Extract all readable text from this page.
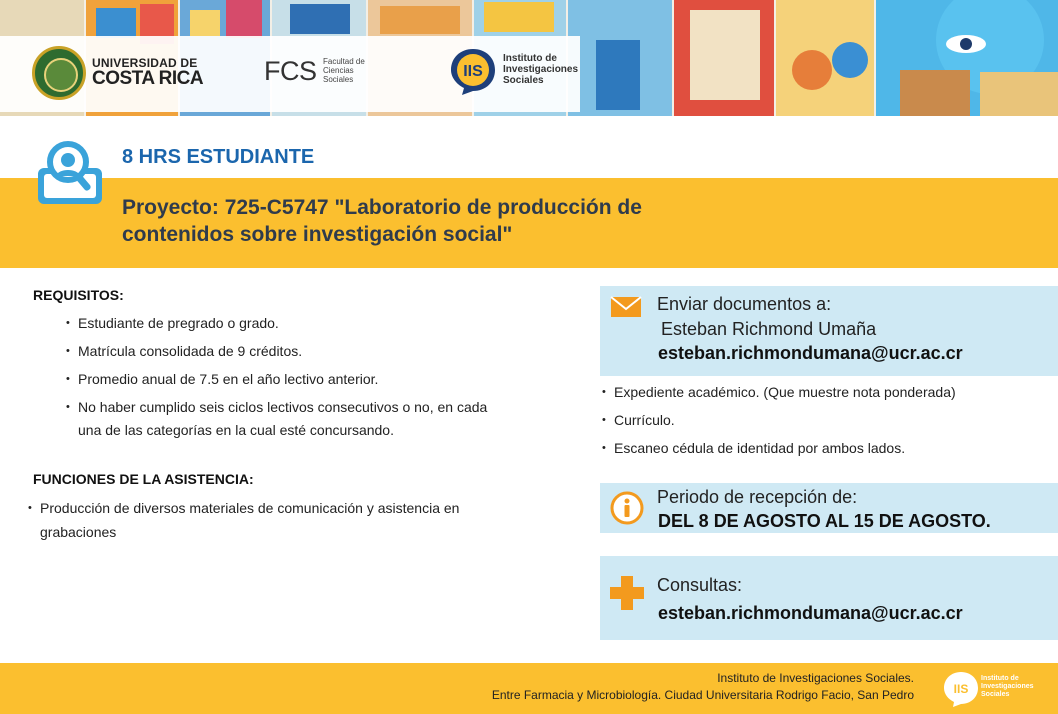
UNIVERSIDAD DE
COSTA RICA FCS Facultad de
Ciencias
Sociales	IIS
Instituto de
Investigaciones
Sociales
8 HRS ESTUDIANTE
Proyecto: 725-C5747 "Laboratorio de producción de
contenidos sobre investigación social"
REQUISITOS:
• Estudiante de pregrado o grado.
• Matrícula consolidada de 9 créditos.
• Promedio anual de 7.5 en el año lectivo anterior.
• No haber cumplido seis ciclos lectivos consecutivos o no, en cada una de las categorías en la cual esté concursando.
FUNCIONES DE LA ASISTENCIA:
• Producción de diversos materiales de comunicación y asistencia en grabaciones
Enviar documentos a:
Esteban Richmond Umaña
esteban.richmondumana@ucr.ac.cr
• Expediente académico. (Que muestre nota ponderada)
• Currículo.
• Escaneo cédula de identidad por ambos lados.
Periodo de recepción de:
DEL 8 DE AGOSTO AL 15 DE AGOSTO.
Consultas:
esteban.richmondumana@ucr.ac.cr
Instituto de Investigaciones Sociales.
Entre Farmacia y Microbiología. Ciudad Universitaria Rodrigo Facio, San Pedro	IIS
Instituto de
Investigaciones
Sociales
